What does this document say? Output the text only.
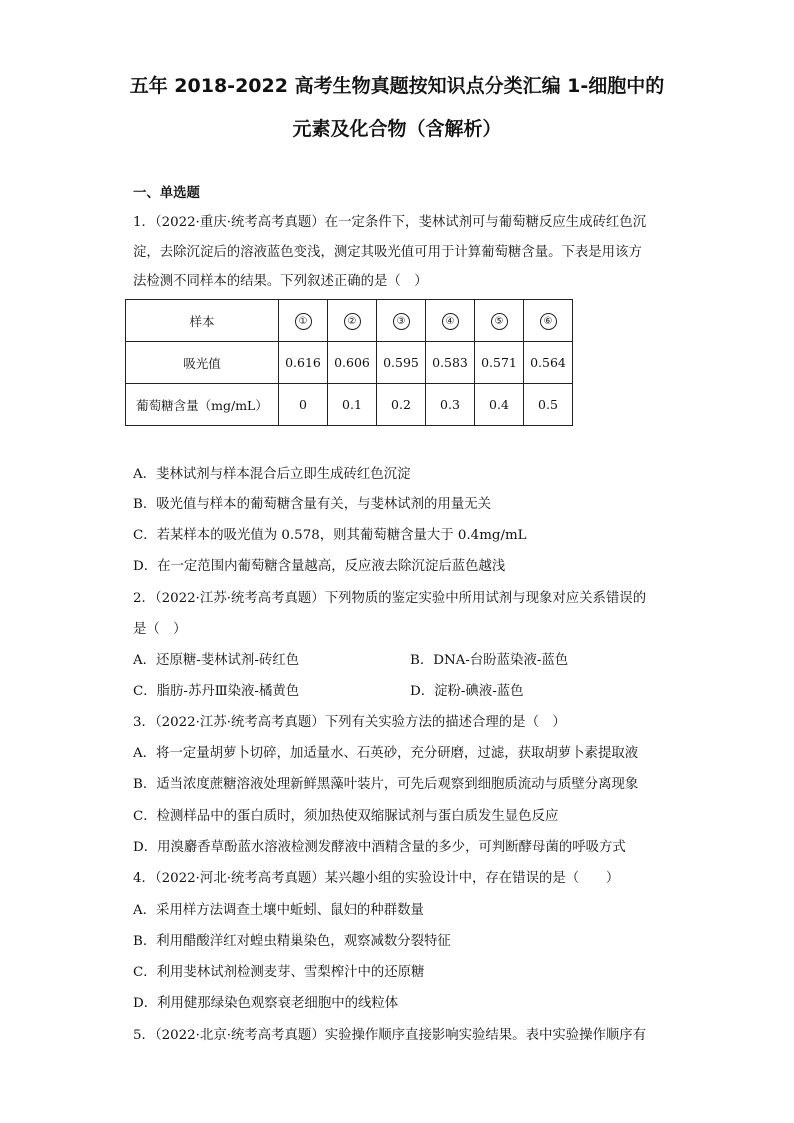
五年 2018-2022 高考生物真题按知识点分类汇编 1-细胞中的
元素及化合物（含解析）
一、单选题
1．（2022·重庆·统考高考真题）在一定条件下，斐林试剂可与葡萄糖反应生成砖红色沉
淀，去除沉淀后的溶液蓝色变浅，测定其吸光值可用于计算葡萄糖含量。下表是用该方
法检测不同样本的结果。下列叙述正确的是（　）
样本	①	②	③	④	⑤	⑥
吸光值	0.616	0.606	0.595	0.583	0.571	0.564
葡萄糖含量（mg/mL）	0	0.1	0.2	0.3	0.4	0.5
A．斐林试剂与样本混合后立即生成砖红色沉淀
B．吸光值与样本的葡萄糖含量有关，与斐林试剂的用量无关
C．若某样本的吸光值为 0.578，则其葡萄糖含量大于 0.4mg/mL
D．在一定范围内葡萄糖含量越高，反应液去除沉淀后蓝色越浅
2．（2022·江苏·统考高考真题）下列物质的鉴定实验中所用试剂与现象对应关系错误的
是（　）
A．还原糖-斐林试剂-砖红色	B．DNA-台盼蓝染液-蓝色
C．脂肪-苏丹Ⅲ染液-橘黄色	D．淀粉-碘液-蓝色
3．（2022·江苏·统考高考真题）下列有关实验方法的描述合理的是（　）
A．将一定量胡萝卜切碎，加适量水、石英砂，充分研磨，过滤，获取胡萝卜素提取液
B．适当浓度蔗糖溶液处理新鲜黑藻叶装片，可先后观察到细胞质流动与质壁分离现象
C．检测样品中的蛋白质时，须加热使双缩脲试剂与蛋白质发生显色反应
D．用溴麝香草酚蓝水溶液检测发酵液中酒精含量的多少，可判断酵母菌的呼吸方式
4．（2022·河北·统考高考真题）某兴趣小组的实验设计中，存在错误的是（　　）
A．采用样方法调查土壤中蚯蚓、鼠妇的种群数量
B．利用醋酸洋红对蝗虫精巢染色，观察减数分裂特征
C．利用斐林试剂检测麦芽、雪梨榨汁中的还原糖
D．利用健那绿染色观察衰老细胞中的线粒体
5．（2022·北京·统考高考真题）实验操作顺序直接影响实验结果。表中实验操作顺序有
